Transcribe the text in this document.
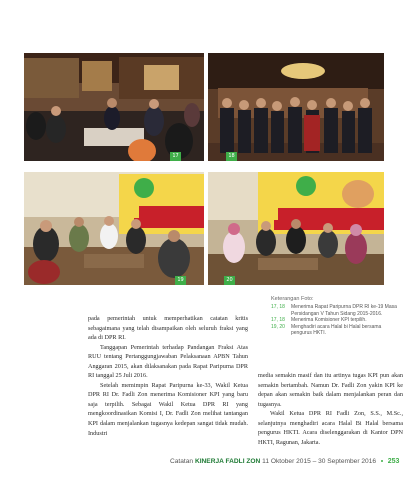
17	18
19	20
Keterangan Foto:
17, 18	Menerima Rapat Paripurna DPR RI ke-19 Masa Persidangan V Tahun Sidang 2015-2016.
17, 18	Menerima Komisioner KPI terpilih.
19, 20	Menghadiri acara Halal bi Halal bersama pengurus HKTI.

pada pemerintah untuk memperhatikan catatan kritis sebagaimana yang telah disampaikan oleh seluruh fraksi yang ada di DPR RI.

Tanggapan Pemerintah terhadap Pandangan Fraksi Atas RUU tentang Pertanggungjawaban Pelaksanaan APBN Tahun Anggaran 2015, akan dilaksanakan pada Rapat Paripurna DPR RI tanggal 25 Juli 2016.

Setelah memimpin Rapat Paripurna ke-33, Wakil Ketua DPR RI Dr. Fadli Zon menerima Komisioner KPI yang baru saja terpilih. Sebagai Wakil Ketua DPR RI yang mengkoordinasikan Komisi I, Dr. Fadli Zon melihat tantangan KPI dalam menjalankan tugasnya kedepan sangat tidak mudah. Industri

media semakin masif dan itu artinya tugas KPI pun akan semakin bertambah. Namun Dr. Fadli Zon yakin KPI ke depan akan semakin baik dalam menjalankan peran dan tugasnya.

Wakil Ketua DPR RI Fadli Zon, S.S., M.Sc., selanjutnya menghadiri acara Halal Bi Halal bersama pengurus HKTI. Acara diselenggarakan di Kantor DPN HKTI, Ragunan, Jakarta.

Catatan KINERJA FADLI ZON 11 Oktober 2015 – 30 September 2016 253
